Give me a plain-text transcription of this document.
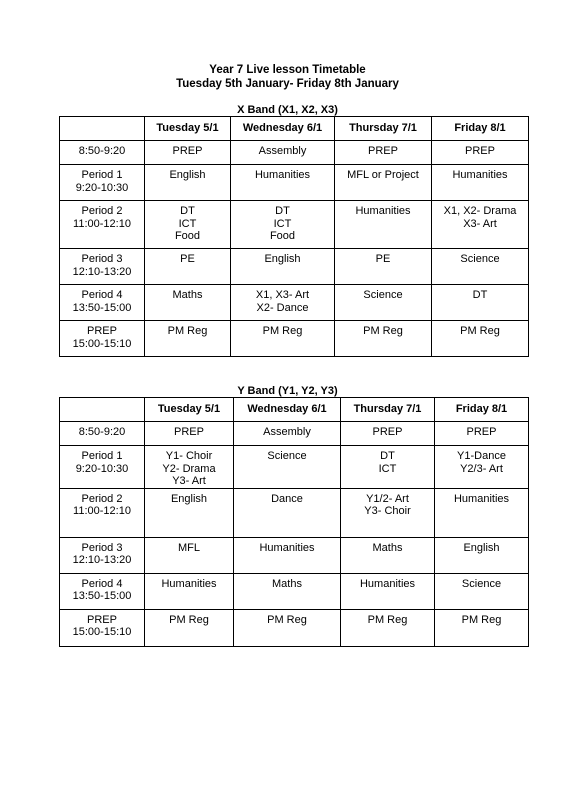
Year 7 Live lesson Timetable
Tuesday 5th January- Friday 8th January
X Band (X1, X2, X3)
	Tuesday 5/1	Wednesday 6/1	Thursday 7/1	Friday 8/1

8:50-9:20	PREP	Assembly	PREP	PREP

Period 1
9:20-10:30	English	Humanities	MFL or Project	Humanities

Period 2
11:00-12:10	DT
ICT
Food	DT
ICT
Food	Humanities	X1, X2- Drama
X3- Art

Period 3
12:10-13:20	PE	English	PE	Science

Period 4
13:50-15:00	Maths	X1, X3- Art
X2- Dance	Science	DT

PREP
15:00-15:10	PM Reg	PM Reg	PM Reg	PM Reg
Y Band (Y1, Y2, Y3)
	Tuesday 5/1	Wednesday 6/1	Thursday 7/1	Friday 8/1

8:50-9:20	PREP	Assembly	PREP	PREP

Period 1
9:20-10:30	Y1- Choir
Y2- Drama
Y3- Art	Science	DT
ICT	Y1-Dance
Y2/3- Art

Period 2
11:00-12:10	English	Dance	Y1/2- Art
Y3- Choir	Humanities

Period 3
12:10-13:20	MFL	Humanities	Maths	English

Period 4
13:50-15:00	Humanities	Maths	Humanities	Science

PREP
15:00-15:10	PM Reg	PM Reg	PM Reg	PM Reg
